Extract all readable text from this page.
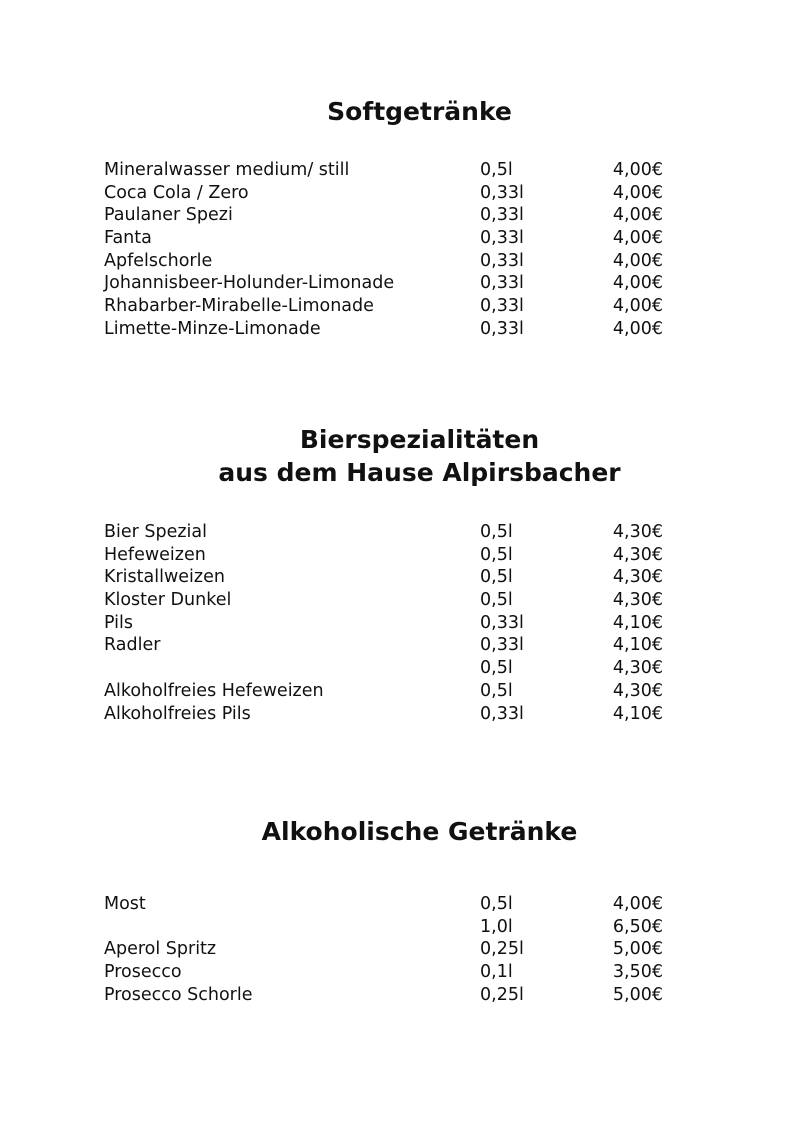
Softgetränke
Mineralwasser medium/ still	0,5l	4,00€
Coca Cola / Zero	0,33l	4,00€
Paulaner Spezi	0,33l	4,00€
Fanta	0,33l	4,00€
Apfelschorle	0,33l	4,00€
Johannisbeer-Holunder-Limonade	0,33l	4,00€
Rhabarber-Mirabelle-Limonade	0,33l	4,00€
Limette-Minze-Limonade	0,33l	4,00€
Bierspezialitäten
aus dem Hause Alpirsbacher
Bier Spezial	0,5l	4,30€
Hefeweizen	0,5l	4,30€
Kristallweizen	0,5l	4,30€
Kloster Dunkel	0,5l	4,30€
Pils	0,33l	4,10€
Radler	0,33l	4,10€
0,5l	4,30€
Alkoholfreies Hefeweizen	0,5l	4,30€
Alkoholfreies Pils	0,33l	4,10€
Alkoholische Getränke
Most	0,5l	4,00€
1,0l	6,50€
Aperol Spritz	0,25l	5,00€
Prosecco	0,1l	3,50€
Prosecco Schorle	0,25l	5,00€
